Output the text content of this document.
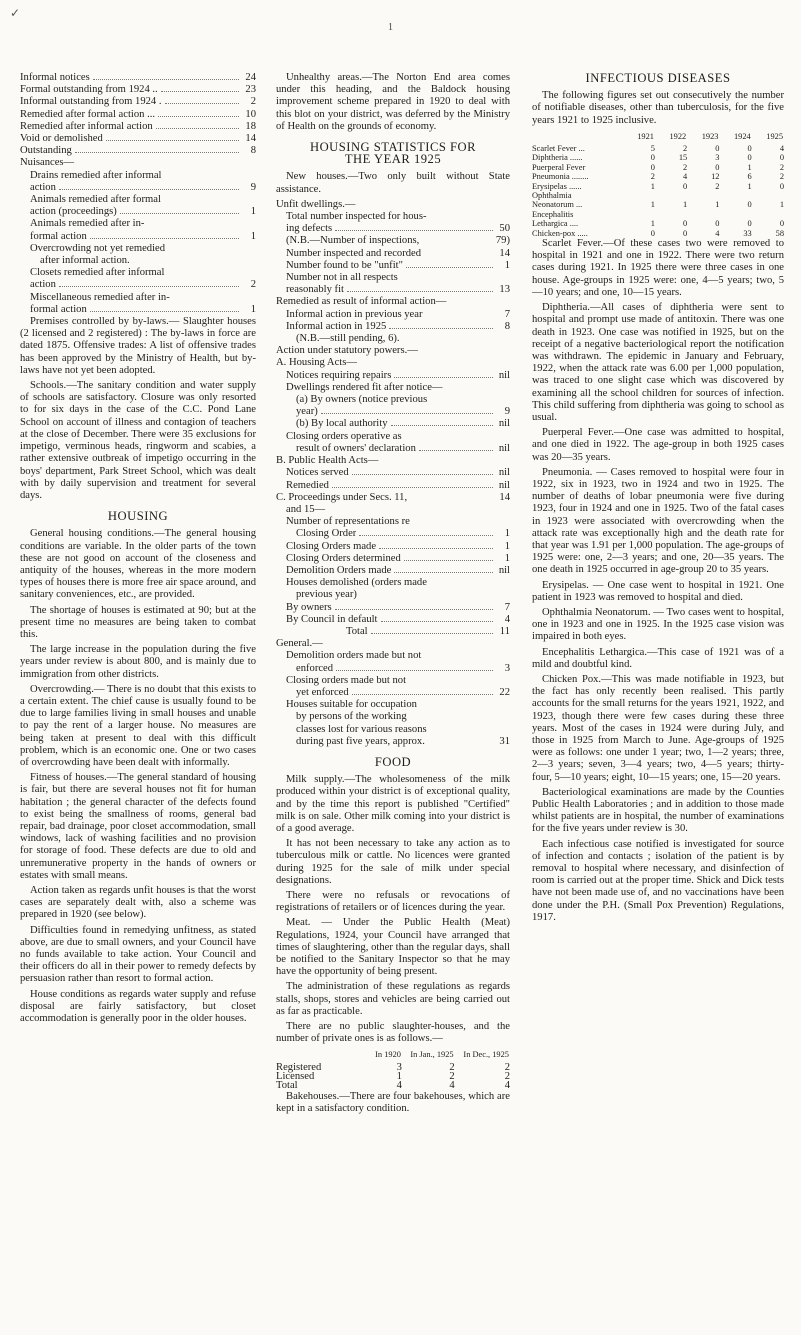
✓
1
Informal notices	24
Formal outstanding from 1924 ..	23
Informal outstanding from 1924 .	2
Remedied after formal action ...	10
Remedied after informal action	18
Void or demolished	14
Outstanding	8
Nuisances—
Drains remedied after informal
action	9
Animals remedied after formal
action (proceedings)	1
Animals remedied after in-
formal action	1
Overcrowding not yet remedied
after informal action.
Closets remedied after informal
action	2
Miscellaneous remedied after in-
formal action	1

Premises controlled by by-laws.— Slaughter houses (2 licensed and 2 registered) : The by-laws in force are dated 1875. Offensive trades: A list of offensive trades has been approved by the Ministry of Health, but by-laws have not yet been adopted.

Schools.—The sanitary condition and water supply of schools are satisfactory. Closure was only resorted to for six days in the case of the C.C. Pond Lane School on account of illness and contagion of teachers at the close of December. There were 35 exclusions for impetigo, verminous heads, ringworm and scabies, a rather extensive outbreak of impetigo occurring in the boys' department, Park Street School, which was dealt with by daily supervision and treatment for several days.

HOUSING

General housing conditions.—The general housing conditions are variable. In the older parts of the town these are not good on account of the closeness and antiquity of the houses, whereas in the more modern types of houses there is more free air space around, and sanitary conveniences, etc., are provided.

The shortage of houses is estimated at 90; but at the present time no measures are being taken to combat this.

The large increase in the population during the five years under review is about 800, and is mainly due to immigration from other districts.

Overcrowding.— There is no doubt that this exists to a certain extent. The chief cause is usually found to be due to large families living in small houses and unable to pay the rent of a larger house. No measures are being taken at present to deal with this difficult problem, which is an economic one. One or two cases of overcrowding have been dealt with informally.

Fitness of houses.—The general standard of housing is fair, but there are several houses not fit for human habitation ; the general character of the defects found to exist being the smallness of rooms, general bad repair, bad drainage, poor closet accommodation, small windows, lack of washing facilities and no provision for storage of food. These defects are due to old and unremunerative property in the hands of owners or estates with small means.

Action taken as regards unfit houses is that the worst cases are separately dealt with, also a scheme was prepared in 1920 (see below).

Difficulties found in remedying unfitness, as stated above, are due to small owners, and your Council have no funds available to take action. Your Council and their officers do all in their power to remedy defects by persuasion rather than resort to formal action.

House conditions as regards water supply and refuse disposal are fairly satisfactory, but closet accommodation is generally poor in the older houses.

Unhealthy areas.—The Norton End area comes under this heading, and the Baldock housing improvement scheme prepared in 1920 to deal with this blot on your district, was deferred by the Ministry of Health on the grounds of economy.

HOUSING STATISTICS FOR
THE YEAR 1925

New houses.—Two only built without State assistance.

Unfit dwellings.—
Total number inspected for hous-
ing defects	50
(N.B.—Number of inspections,	79)
Number inspected and recorded	14
Number found to be "unfit"	1
Number not in all respects
reasonably fit	13
Remedied as result of informal action—
Informal action in previous year	7
Informal action in 1925	8
(N.B.—still pending, 6).
Action under statutory powers.—
A. Housing Acts—
Notices requiring repairs	nil
Dwellings rendered fit after notice—
(a) By owners (notice previous
year)	9
(b) By local authority	nil
Closing orders operative as
result of owners' declaration	nil
B. Public Health Acts—
Notices served	nil
Remedied	nil
C. Proceedings under Secs. 11,	14
and 15—
Number of representations re
Closing Order	1
Closing Orders made	1
Closing Orders determined	1
Demolition Orders made	nil
Houses demolished (orders made
previous year)
By owners	7
By Council in default	4
Total	11
General.—
Demolition orders made but not
enforced	3
Closing orders made but not
yet enforced	22
Houses suitable for occupation
by persons of the working
classes lost for various reasons
during past five years, approx.	31
FOOD

Milk supply.—The wholesomeness of the milk produced within your district is of exceptional quality, and by the time this report is published "Certified" milk is on sale. Other milk coming into your district is of a good average.

It has not been necessary to take any action as to tuberculous milk or cattle. No licences were granted during 1925 for the sale of milk under special designations.

There were no refusals or revocations of registrations of retailers or of licences during the year.

Meat. — Under the Public Health (Meat) Regulations, 1924, your Council have arranged that times of slaughtering, other than the regular days, shall be notified to the Sanitary Inspector so that he may have the opportunity of being present.

The administration of these regulations as regards stalls, shops, stores and vehicles are being carried out as far as practicable.

There are no public slaughter-houses, and the number of private ones is as follows.—

	In 1920	In Jan., 1925	In Dec., 1925
Registered	3	2	2
Licensed	1	2	2
Total	4	4	4

Bakehouses.—There are four bakehouses, which are kept in a satisfactory condition.

INFECTIOUS DISEASES

The following figures set out consecutively the number of notifiable diseases, other than tuberculosis, for the five years 1921 to 1925 inclusive.

	1921	1922	1923	1924	1925
Scarlet Fever ...	5	2	0	0	4
Diphtheria ......	0	15	3	0	0
Puerperal Fever	0	2	0	1	2
Pneumonia ........	2	4	12	6	2
Erysipelas ......	1	0	2	1	0
Ophthalmia					
Neonatorum ...	1	1	1	0	1
Encephalitis					
Lethargica ....	1	0	0	0	0
Chicken-pox .....	0	0	4	33	58

Scarlet Fever.—Of these cases two were removed to hospital in 1921 and one in 1922. There were two return cases during 1921. In 1925 there were three cases in one house. Age-groups in 1925 were: one, 4—5 years; two, 5—10 years; and one, 10—15 years.

Diphtheria.—All cases of diphtheria were sent to hospital and prompt use made of antitoxin. There was one death in 1923. One case was notified in 1925, but on the receipt of a negative bacteriological report the notification was withdrawn. The epidemic in January and February, 1922, when the attack rate was 6.00 per 1,000 population, was traced to one slight case which was discovered by examining all the school children for sources of infection. This child suffering from diphtheria was going to school as usual.

Puerperal Fever.—One case was admitted to hospital, and one died in 1922. The age-group in both 1925 cases was 20—35 years.

Pneumonia. — Cases removed to hospital were four in 1922, six in 1923, two in 1924 and two in 1925. The number of deaths of lobar pneumonia were five during 1923, four in 1924 and one in 1925. Two of the fatal cases in 1923 were associated with overcrowding when the attack rate was exceptionally high and the death rate for that year was 1.91 per 1,000 population. The age-groups of 1925 were: one, 2—3 years; and one, 20—35 years. The one death in 1925 occurred in age-group 20 to 35 years.

Erysipelas. — One case went to hospital in 1921. One patient in 1923 was removed to hospital and died.

Ophthalmia Neonatorum. — Two cases went to hospital, one in 1923 and one in 1925. In the 1925 case vision was impaired in both eyes.

Encephalitis Lethargica.—This case of 1921 was of a mild and doubtful kind.

Chicken Pox.—This was made notifiable in 1923, but the fact has only recently been realised. This partly accounts for the small returns for the years 1921, 1922, and 1923, though there were few cases during these three years. Most of the cases in 1924 were during July, and those in 1925 from March to June. Age-groups of 1925 were as follows: one under 1 year; two, 1—2 years; three, 2—3 years; seven, 3—4 years; two, 4—5 years; thirty-four, 5—10 years; eight, 10—15 years; one, 15—20 years.

Bacteriological examinations are made by the Counties Public Health Laboratories ; and in addition to those made whilst patients are in hospital, the number of examinations for the five years under review is 30.

Each infectious case notified is investigated for source of infection and contacts ; isolation of the patient is by removal to hospital where necessary, and disinfection of room is carried out at the proper time. Shick and Dick tests have not been made use of, and no vaccinations have been done under the P.H. (Small Pox Prevention) Regulations, 1917.
